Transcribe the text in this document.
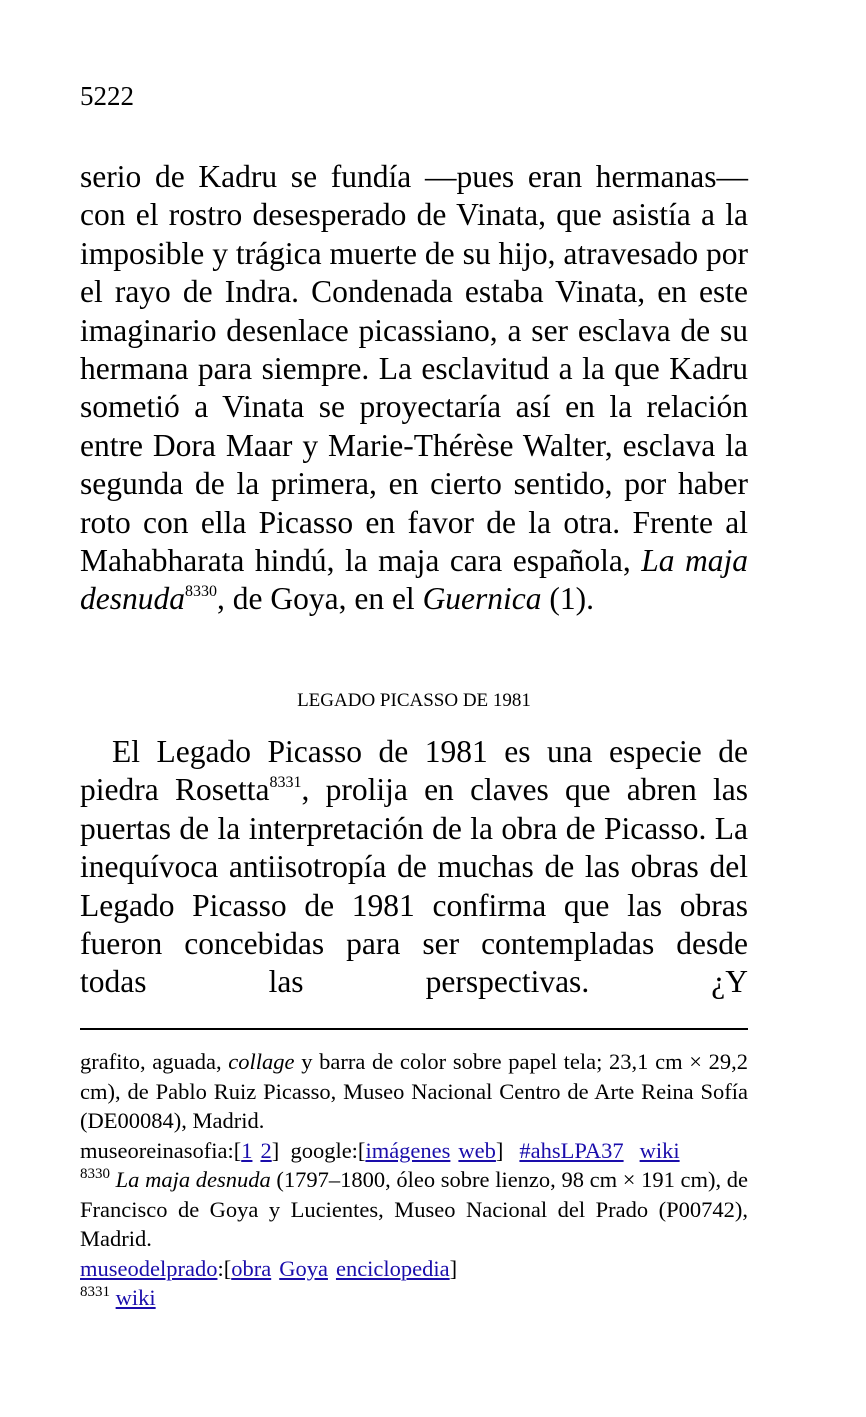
5222

serio de Kadru se fundía —pues eran hermanas— con el rostro desesperado de Vinata, que asistía a la imposible y trágica muerte de su hijo, atravesado por el rayo de Indra. Condenada estaba Vinata, en este imaginario desenlace picassiano, a ser esclava de su hermana para siempre. La esclavitud a la que Kadru sometió a Vinata se proyectaría así en la relación entre Dora Maar y Marie-Thérèse Walter, esclava la segunda de la primera, en cierto sentido, por haber roto con ella Picasso en favor de la otra. Frente al Mahabharata hindú, la maja cara española, La maja desnuda$^{8330}$, de Goya, en el Guernica (1).

LEGADO PICASSO DE 1981

El Legado Picasso de 1981 es una especie de piedra Rosetta$^{8331}$, prolija en claves que abren las puertas de la interpretación de la obra de Picasso. La inequívoca antiisotropía de muchas de las obras del Legado Picasso de 1981 confirma que las obras fueron concebidas para ser contempladas desde todas las perspectivas. ¿Y

grafito, aguada, collage y barra de color sobre papel tela; 23,1 cm × 29,2 cm), de Pablo Ruiz Picasso, Museo Nacional Centro de Arte Reina Sofía (DE00084), Madrid.

museoreinasofia:[1 2]  google:[imágenes web] #ahsLPA37 wiki

$^{8330}$ La maja desnuda (1797–1800, óleo sobre lienzo, 98 cm × 191 cm), de Francisco de Goya y Lucientes, Museo Nacional del Prado (P00742), Madrid.

museodelprado:[obra Goya enciclopedia]

$^{8331}$ wiki
